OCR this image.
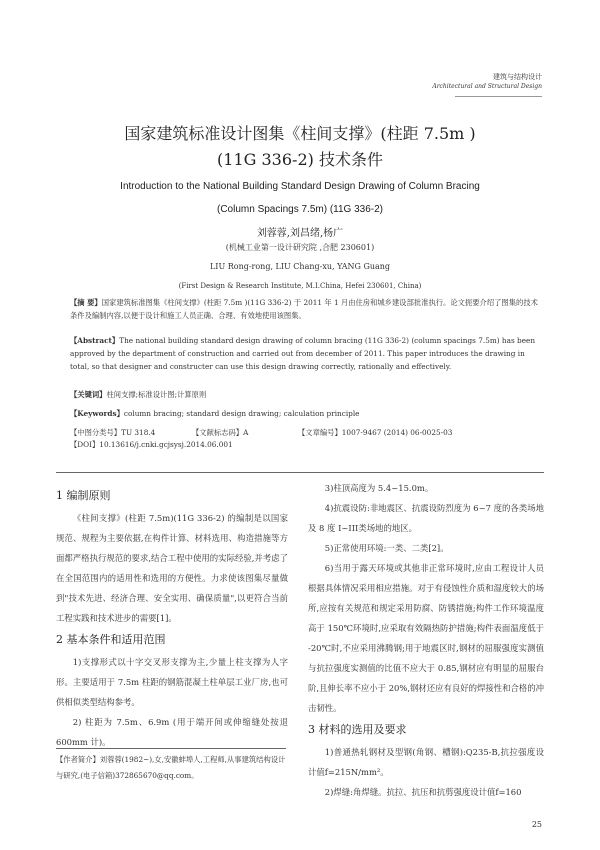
建筑与结构设计
Architectural and Structural Design
国家建筑标准设计图集《柱间支撑》(柱距 7.5m )
(11G 336-2) 技术条件
Introduction to the National Building Standard Design Drawing of Column Bracing
(Column Spacings 7.5m) (11G 336-2)
刘蓉蓉,刘昌绪,杨广
(机械工业第一设计研究院 ,合肥 230601)
LIU Rong-rong, LIU Chang-xu, YANG Guang
(First Design & Research Institute, M.I.China, Hefei 230601, China)
【摘 要】国家建筑标准图集《柱间支撑》(柱距 7.5m )(11G 336-2) 于 2011 年 1 月由住房和城乡建设部批准执行。论文扼要介绍了图集的技术条件及编制内容,以便于设计和施工人员正确、合理、有效地使用该图集。
【Abstract】The national building standard design drawing of column bracing (11G 336-2) (column spacings 7.5m) has been approved by the department of construction and carried out from december of 2011. This paper introduces the drawing in total, so that designer and constructer can use this design drawing correctly, rationally and effectively.
【关键词】柱间支撑;标准设计图;计算原则
【Keywords】column bracing; standard design drawing; calculation principle
【中图分类号】TU 318.4	【文献标志码】A	【文章编号】1007-9467 (2014) 06-0025-03
【DOI】10.13616/j.cnki.gcjsysj.2014.06.001
1 编制原则

《柱间支撑》(柱距 7.5m)(11G 336-2) 的编制是以国家规范、规程为主要依据,在构件计算、材料选用、构造措施等方面都严格执行规范的要求,结合工程中使用的实际经验,并考虑了在全国范围内的适用性和选用的方便性。力求使该图集尽量做到"技术先进、经济合理、安全实用、确保质量",以更符合当前工程实践和技术进步的需要[1]。

2 基本条件和适用范围

1)支撑形式以十字交叉形支撑为主,少量上柱支撑为人字形。主要适用于 7.5m 柱距的钢筋混凝土柱单层工业厂房,也可供相似类型结构参考。

2) 柱距为 7.5m、6.9m (用于端开间或伸缩缝处按退 600mm 计)。

3)柱顶高度为 5.4~15.0m。

4)抗震设防:非地震区、抗震设防烈度为 6~7 度的各类场地及 8 度 I~III类场地的地区。

5)正常使用环境:一类、二类[2]。

6)当用于露天环境或其他非正常环境时,应由工程设计人员根据具体情况采用相应措施。对于有侵蚀性介质和湿度较大的场所,应按有关规范和规定采用防腐、防锈措施;构件工作环境温度高于 150℃环境时,应采取有效隔热防护措施;构件表面温度低于 -20℃时,不应采用沸腾钢;用于地震区时,钢材的屈服强度实测值与抗拉强度实测值的比值不应大于 0.85,钢材应有明显的屈服台阶,且伸长率不应小于 20%,钢材还应有良好的焊接性和合格的冲击韧性。

3 材料的选用及要求

1)普通热轧钢材及型钢(角钢、槽钢):Q235-B,抗拉强度设计值f=215N/mm²。

2)焊缝:角焊缝。抗拉、抗压和抗剪强度设计值f=160

【作者简介】刘蓉蓉(1982~),女,安徽蚌埠人,工程师,从事建筑结构设计与研究,(电子信箱)372865670@qq.com。
25
